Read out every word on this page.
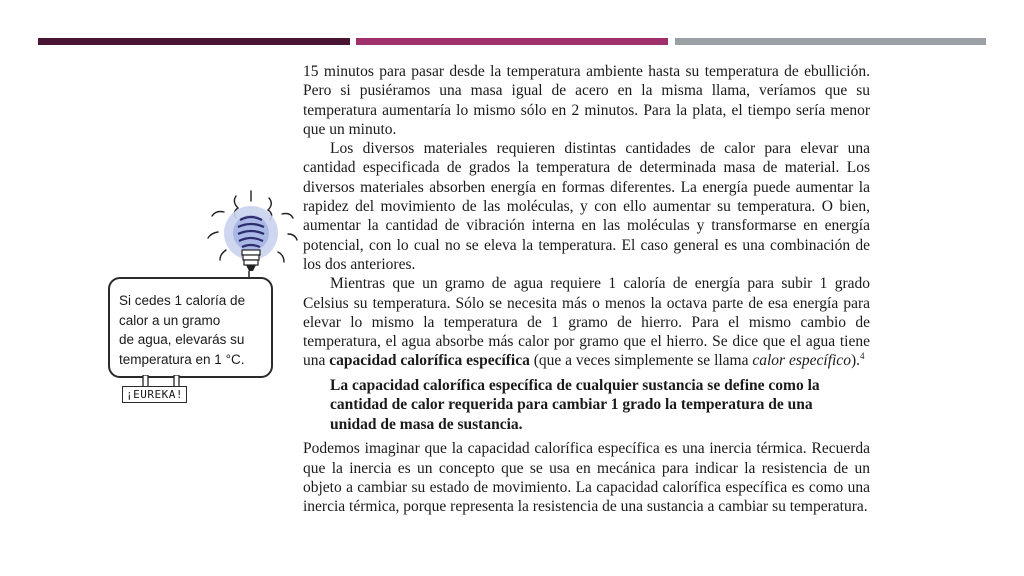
15 minutos para pasar desde la temperatura ambiente hasta su temperatura de ebullición. Pero si pusiéramos una masa igual de acero en la misma llama, veríamos que su temperatura aumentaría lo mismo sólo en 2 minutos. Para la plata, el tiempo sería menor que un minuto.

Los diversos materiales requieren distintas cantidades de calor para elevar una cantidad especificada de grados la temperatura de determinada masa de material. Los diversos materiales absorben energía en formas diferentes. La energía puede aumentar la rapidez del movimiento de las moléculas, y con ello aumentar su temperatura. O bien, aumentar la cantidad de vibración interna en las moléculas y transformarse en energía potencial, con lo cual no se eleva la temperatura. El caso general es una combinación de los dos anteriores.

Mientras que un gramo de agua requiere 1 caloría de energía para subir 1 grado Celsius su temperatura. Sólo se necesita más o menos la octava parte de esa energía para elevar lo mismo la temperatura de 1 gramo de hierro. Para el mismo cambio de temperatura, el agua absorbe más calor por gramo que el hierro. Se dice que el agua tiene una capacidad calorífica específica (que a veces simplemente se llama calor específico).$^4$

La capacidad calorífica específica de cualquier sustancia se define como la cantidad de calor requerida para cambiar 1 grado la temperatura de una unidad de masa de sustancia.

Podemos imaginar que la capacidad calorífica específica es una inercia térmica. Recuerda que la inercia es un concepto que se usa en mecánica para indicar la resistencia de un objeto a cambiar su estado de movimiento. La capacidad calorífica específica es como una inercia térmica, porque representa la resistencia de una sustancia a cambiar su temperatura.

Si cedes 1 caloría de
calor a un gramo
de agua, elevarás su
temperatura en 1 °C.
¡EUREKA!
